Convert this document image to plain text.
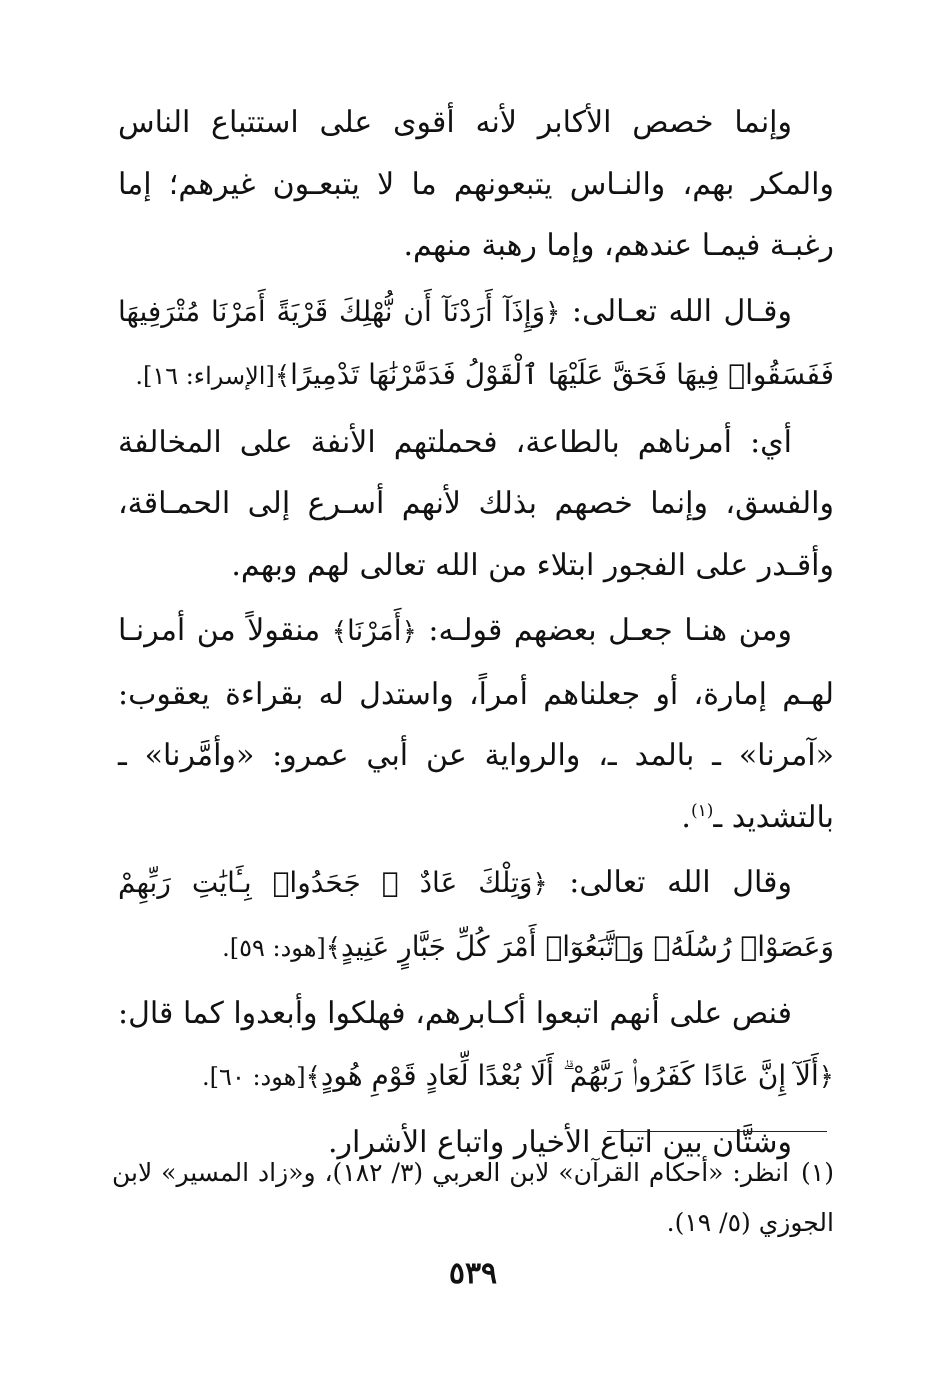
وإنما خصص الأكابر لأنه أقوى على استتباع الناس والمكر بهم، والنـاس يتبعونهم ما لا يتبعـون غيرهم؛ إما رغبـة فيمـا عندهم، وإما رهبة منهم.

وقـال الله تعـالى: ﴿وَإِذَآ أَرَدْنَآ أَن نُّهْلِكَ قَرْيَةً أَمَرْنَا مُتْرَفِيهَا فَفَسَقُوا۟ فِيهَا فَحَقَّ عَلَيْهَا ٱلْقَوْلُ فَدَمَّرْنَٰهَا تَدْمِيرًا﴾[الإسراء: ١٦].

أي: أمرناهم بالطاعة، فحملتهم الأنفة على المخالفة والفسق، وإنما خصهم بذلك لأنهم أسـرع إلى الحمـاقة، وأقـدر على الفجور ابتلاء من الله تعالى لهم وبهم.

ومن هنـا جعـل بعضهم قولـه: ﴿أَمَرْنَا﴾ منقولاً من أمرنـا لهـم إمارة، أو جعلناهم أمراً، واستدل له بقراءة يعقوب: «آمرنا» ـ بالمد ـ، والرواية عن أبي عمرو: «وأمَّرنا» ـ بالتشديد ـ$^{(١)}$.

وقال الله تعالى: ﴿وَتِلْكَ عَادٌ ۖ جَحَدُوا۟ بِـَٔايَٰتِ رَبِّهِمْ وَعَصَوْا۟ رُسُلَهُۥ وَٱتَّبَعُوٓا۟ أَمْرَ كُلِّ جَبَّارٍ عَنِيدٍ﴾[هود: ٥٩].

فنص على أنهم اتبعوا أكـابرهم، فهلكوا وأبعدوا كما قال: ﴿أَلَآ إِنَّ عَادًا كَفَرُوا۟ رَبَّهُمْ ۗ أَلَا بُعْدًا لِّعَادٍ قَوْمِ هُودٍ﴾[هود: ٦٠].

وشتَّان بين اتباع الأخيار واتباع الأشرار.

(١)انظر: «أحكام القرآن» لابن العربي (٣/ ١٨٢)، و«زاد المسير» لابن الجوزي (٥/ ١٩).

٥٣٩
